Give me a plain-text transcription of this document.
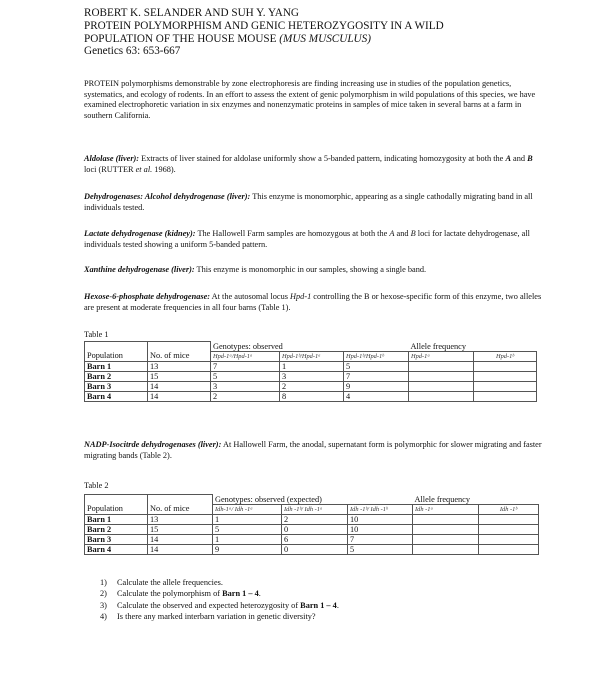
ROBERT K. SELANDER AND SUH Y. YANG
PROTEIN POLYMORPHISM AND GENIC HETEROZYGOSITY IN A WILD
POPULATION OF THE HOUSE MOUSE (MUS MUSCULUS)
Genetics 63: 653-667
PROTEIN polymorphisms demonstrable by zone electrophoresis are finding increasing use in studies of the population genetics, systematics, and ecology of rodents. In an effort to assess the extent of genic polymorphism in wild populations of this species, we have examined electrophoretic variation in six enzymes and nonenzymatic proteins in samples of mice taken in several barns at a farm in southern California.
Aldolase (liver): Extracts of liver stained for aldolase uniformly show a 5-banded pattern, indicating homozygosity at both the A and B loci (RUTTER et al. 1968).
Dehydrogenases: Alcohol dehydrogenase (liver): This enzyme is monomorphic, appearing as a single cathodally migrating band in all individuals tested.
Lactate dehydrogenase (kidney): The Hallowell Farm samples are homozygous at both the A and B loci for lactate dehydrogenase, all individuals tested showing a uniform 5-banded pattern.
Xanthine dehydrogenase (liver): This enzyme is monomorphic in our samples, showing a single band.
Hexose-6-phosphate dehydrogenase: At the autosomal locus Hpd-1 controlling the B or hexose-specific form of this enzyme, two alleles are present at moderate frequencies in all four barns (Table 1).
Table 1
		Genotypes: observed			Allele frequency	
Population	No. of mice	Hpd-1ᵃ/Hpd-1ᵃ	Hpd-1ᵇ/Hpd-1ᵃ	Hpd-1ᵇ/Hpd-1ᵇ	Hpd-1ᵃ	Hpd-1ᵇ
Barn 1	13	7	1	5		
Barn 2	15	5	3	7		
Barn 3	14	3	2	9		
Barn 4	14	2	8	4		
NADP-Isocitrde dehydrogenases (liver): At Hallowell Farm, the anodal, supernatant form is polymorphic for slower migrating and faster migrating bands (Table 2).
Table 2
		Genotypes: observed (expected)			Allele frequency	
Population	No. of mice	Idh-1ᵃ/ Idh -1ᵃ	Idh -1ᵇ/ Idh -1ᵃ	Idh -1ᵇ/ Idh -1ᵇ	Idh -1ᵃ	Idh -1ᵇ
Barn 1	13	1	2	10		
Barn 2	15	5	0	10		
Barn 3	14	1	6	7		
Barn 4	14	9	0	5		
1)	Calculate the allele frequencies.
2)	Calculate the polymorphism of Barn 1 – 4.
3)	Calculate the observed and expected heterozygosity of Barn 1 – 4.
4)	Is there any marked interbarn variation in genetic diversity?
